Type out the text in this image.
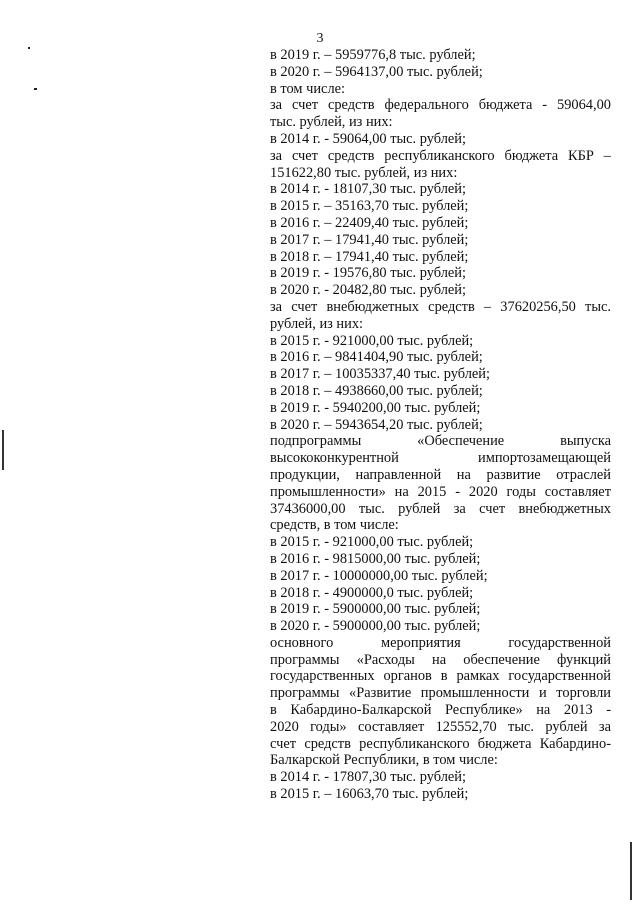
3
в 2019 г. – 5959776,8 тыс. рублей;
в 2020 г. – 5964137,00 тыс. рублей;
в том числе:
за счет средств федерального бюджета - 59064,00
тыс. рублей, из них:
в 2014 г. - 59064,00 тыс. рублей;
за счет средств республиканского бюджета КБР –
151622,80 тыс. рублей, из них:
в 2014 г. - 18107,30 тыс. рублей;
в 2015 г. – 35163,70 тыс. рублей;
в 2016 г. – 22409,40 тыс. рублей;
в 2017 г. – 17941,40 тыс. рублей;
в 2018 г. – 17941,40 тыс. рублей;
в 2019 г. - 19576,80 тыс. рублей;
в 2020 г. - 20482,80 тыс. рублей;
за счет внебюджетных средств – 37620256,50 тыс.
рублей, из них:
в 2015 г. - 921000,00 тыс. рублей;
в 2016 г. – 9841404,90 тыс. рублей;
в 2017 г. – 10035337,40 тыс. рублей;
в 2018 г. – 4938660,00 тыс. рублей;
в 2019 г. - 5940200,00 тыс. рублей;
в 2020 г. – 5943654,20 тыс. рублей;
подпрограммы «Обеспечение выпуска
высококонкурентной импортозамещающей
продукции, направленной на развитие отраслей
промышленности» на 2015 - 2020 годы составляет
37436000,00 тыс. рублей за счет внебюджетных
средств, в том числе:
в 2015 г. - 921000,00 тыс. рублей;
в 2016 г. - 9815000,00 тыс. рублей;
в 2017 г. - 10000000,00 тыс. рублей;
в 2018 г. - 4900000,0 тыс. рублей;
в 2019 г. - 5900000,00 тыс. рублей;
в 2020 г. - 5900000,00 тыс. рублей;
основного мероприятия государственной
программы «Расходы на обеспечение функций
государственных органов в рамках государственной
программы «Развитие промышленности и торговли
в Кабардино-Балкарской Республике» на 2013 -
2020 годы» составляет 125552,70 тыс. рублей за
счет средств республиканского бюджета Кабардино-
Балкарской Республики, в том числе:
в 2014 г. - 17807,30 тыс. рублей;
в 2015 г. – 16063,70 тыс. рублей;
